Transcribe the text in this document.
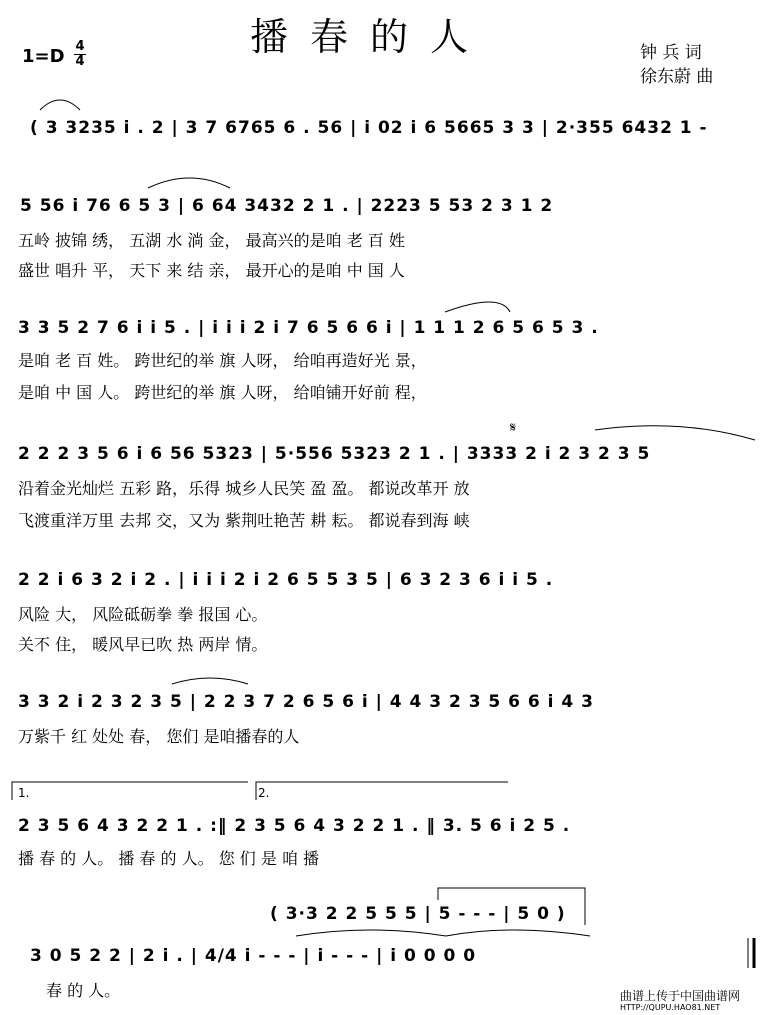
播春的人
1=D 4
4	钟 兵 词
徐东蔚 曲
( 3 3235 i . 2 | 3 7 6765 6 . 56 | i 02 i 6 5665 3 3 | 2·355 6432 1 -
5 56 i 76 6 5 3 | 6 64 3432 2 1 . | 2223 5 53 2 3 1 2
五岭 披锦 绣， 五湖 水 淌 金， 最高兴的是咱 老 百 姓
盛世 唱升 平， 天下 来 结 亲， 最开心的是咱 中 国 人
3 3 5 2 7 6 i i 5 . | i i i 2 i 7 6 5 6 6 i | 1 1 1 2 6 5 6 5 3 .
是咱 老 百 姓。 跨世纪的举 旗 人呀， 给咱再造好光 景，
是咱 中 国 人。 跨世纪的举 旗 人呀， 给咱铺开好前 程，
2 2 2 3 5 6 i 6 56 5323 | 5·556 5323 2 1 . | 3333 2 i 2 3 2 3 5
沿着金光灿烂 五彩 路，乐得 城乡人民笑 盈 盈。 都说改革开 放
飞渡重洋万里 去邦 交，又为 紫荆吐艳苦 耕 耘。 都说春到海 峡
2 2 i 6 3 2 i 2 . | i i i 2 i 2 6 5 5 3 5 | 6 3 2 3 6 i i 5 .
风险 大， 风险砥砺拳 拳 报国 心。
关不 住， 暖风早已吹 热 两岸 情。
3 3 2 i 2 3 2 3 5 | 2 2 3 7 2 6 5 6 i | 4 4 3 2 3 5 6 6 i 4 3
万紫千 红 处处 春， 您们 是咱播春的人
2 3 5 6 4 3 2 2 1 . :‖ 2 3 5 6 4 3 2 2 1 . ‖ 3. 5 6 i 2 5 .
播 春 的 人。 播 春 的 人。 您 们 是 咱 播
( 3·3 2 2 5 5 5 | 5 - - - | 5 0 )
3 0 5 2 2 | 2 i . | 4/4 i - - - | i - - - | i 0 0 0 0
春 的 人。
1.	2.
𝄋
曲谱上传于中国曲谱网
HTTP://QUPU.HAO81.NET
